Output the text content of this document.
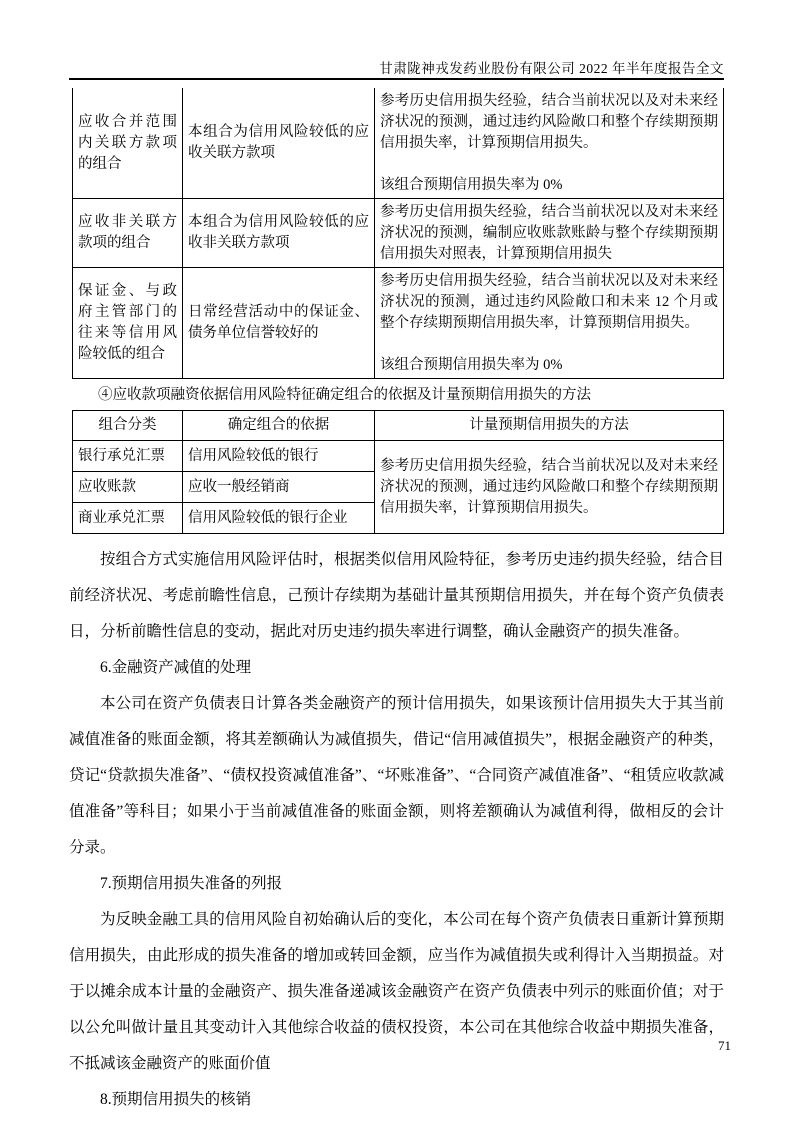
甘肃陇神戎发药业股份有限公司 2022 年半年度报告全文
应收合并范围内关联方款项的组合	本组合为信用风险较低的应收关联方款项	参考历史信用损失经验，结合当前状况以及对未来经济状况的预测，通过违约风险敞口和整个存续期预期信用损失率，计算预期信用损失。
该组合预期信用损失率为 0%

应收非关联方款项的组合	本组合为信用风险较低的应收非关联方款项	参考历史信用损失经验，结合当前状况以及对未来经济状况的预测，编制应收账款账龄与整个存续期预期信用损失对照表，计算预期信用损失

保证金、与政府主管部门的往来等信用风险较低的组合	日常经营活动中的保证金、债务单位信誉较好的	参考历史信用损失经验，结合当前状况以及对未来经济状况的预测，通过违约风险敞口和未来 12 个月或整个存续期预期信用损失率，计算预期信用损失。
该组合预期信用损失率为 0%
④应收款项融资依据信用风险特征确定组合的依据及计量预期信用损失的方法
组合分类	确定组合的依据	计量预期信用损失的方法
银行承兑汇票	信用风险较低的银行	参考历史信用损失经验，结合当前状况以及对未来经济状况的预测，通过违约风险敞口和整个存续期预期信用损失率，计算预期信用损失。
应收账款	应收一般经销商	
商业承兑汇票	信用风险较低的银行企业	

按组合方式实施信用风险评估时，根据类似信用风险特征，参考历史违约损失经验，结合目前经济状况、考虑前瞻性信息，己预计存续期为基础计量其预期信用损失，并在每个资产负债表日，分析前瞻性信息的变动，据此对历史违约损失率进行调整，确认金融资产的损失准备。

6.金融资产减值的处理

本公司在资产负债表日计算各类金融资产的预计信用损失，如果该预计信用损失大于其当前减值准备的账面金额，将其差额确认为减值损失，借记“信用减值损失”，根据金融资产的种类，贷记“贷款损失准备”、“债权投资减值准备”、“坏账准备”、“合同资产减值准备”、“租赁应收款减值准备”等科目；如果小于当前减值准备的账面金额，则将差额确认为减值利得，做相反的会计分录。

7.预期信用损失准备的列报

为反映金融工具的信用风险自初始确认后的变化，本公司在每个资产负债表日重新计算预期信用损失，由此形成的损失准备的增加或转回金额，应当作为减值损失或利得计入当期损益。对于以摊余成本计量的金融资产、损失准备递减该金融资产在资产负债表中列示的账面价值；对于以公允叫做计量且其变动计入其他综合收益的债权投资，本公司在其他综合收益中期损失准备，不抵减该金融资产的账面价值

8.预期信用损失的核销

71
